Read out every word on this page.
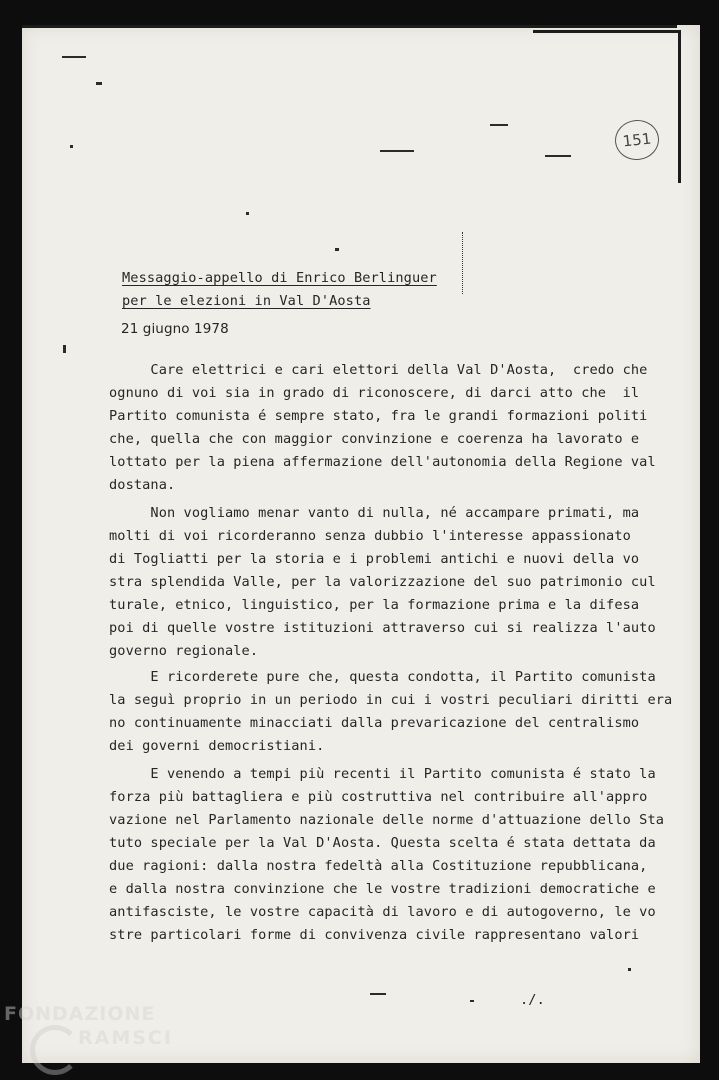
151
Messaggio-appello di Enrico Berlinguer
per le elezioni in Val D'Aosta
21 giugno 1978
Care elettrici e cari elettori della Val D'Aosta,  credo che
ognuno di voi sia in grado di riconoscere, di darci atto che  il
Partito comunista é sempre stato, fra le grandi formazioni politi
che, quella che con maggior convinzione e coerenza ha lavorato e
lottato per la piena affermazione dell'autonomia della Regione val
dostana.
Non vogliamo menar vanto di nulla, né accampare primati, ma
molti di voi ricorderanno senza dubbio l'interesse appassionato
di Togliatti per la storia e i problemi antichi e nuovi della vo
stra splendida Valle, per la valorizzazione del suo patrimonio cul
turale, etnico, linguistico, per la formazione prima e la difesa
poi di quelle vostre istituzioni attraverso cui si realizza l'auto
governo regionale.
E ricorderete pure che, questa condotta, il Partito comunista
la seguì proprio in un periodo in cui i vostri peculiari diritti era
no continuamente minacciati dalla prevaricazione del centralismo
dei governi democristiani.
E venendo a tempi più recenti il Partito comunista é stato la
forza più battagliera e più costruttiva nel contribuire all'appro
vazione nel Parlamento nazionale delle norme d'attuazione dello Sta
tuto speciale per la Val D'Aosta. Questa scelta é stata dettata da
due ragioni: dalla nostra fedeltà alla Costituzione repubblicana,
e dalla nostra convinzione che le vostre tradizioni democratiche e
antifasciste, le vostre capacità di lavoro e di autogoverno, le vo
stre particolari forme di convivenza civile rappresentano valori
./.
FONDAZIONE
RAMSCI
